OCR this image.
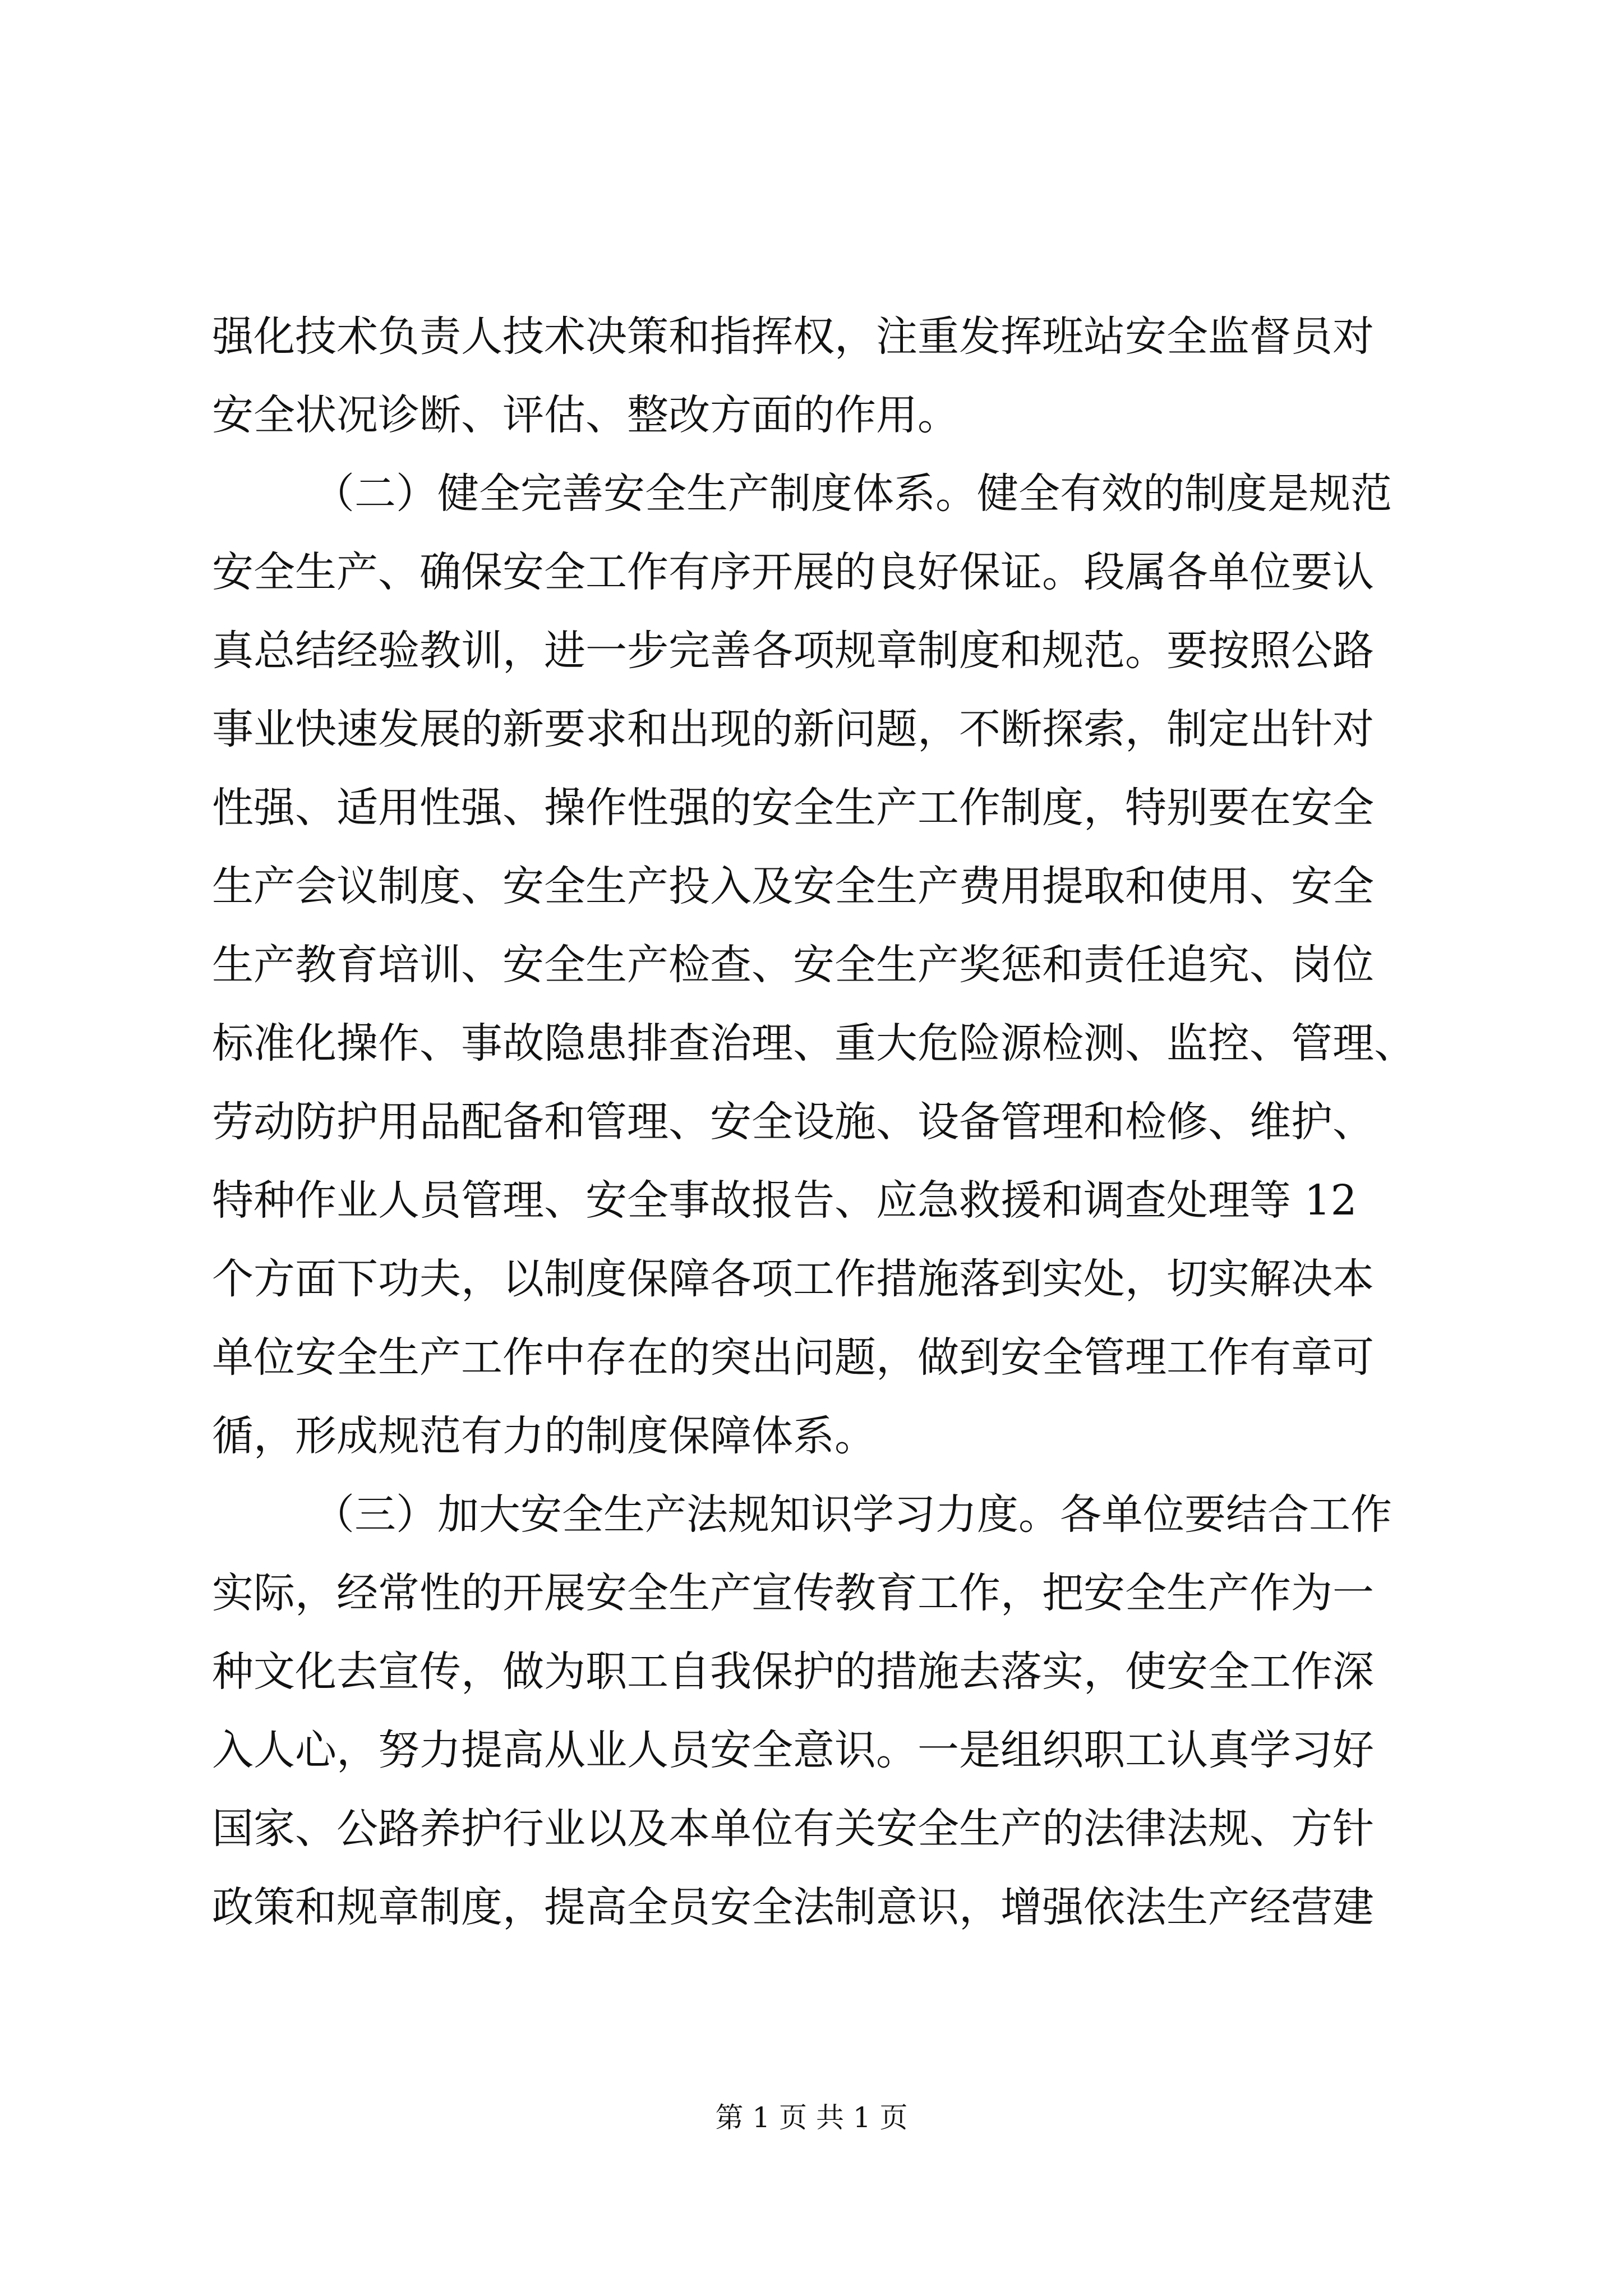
强化技术负责人技术决策和指挥权，注重发挥班站安全监督员对
安全状况诊断、评估、整改方面的作用。
（二）健全完善安全生产制度体系。健全有效的制度是规范
安全生产、确保安全工作有序开展的良好保证。段属各单位要认
真总结经验教训，进一步完善各项规章制度和规范。要按照公路
事业快速发展的新要求和出现的新问题，不断探索，制定出针对
性强、适用性强、操作性强的安全生产工作制度，特别要在安全
生产会议制度、安全生产投入及安全生产费用提取和使用、安全
生产教育培训、安全生产检查、安全生产奖惩和责任追究、岗位
标准化操作、事故隐患排查治理、重大危险源检测、监控、管理、
劳动防护用品配备和管理、安全设施、设备管理和检修、维护、
特种作业人员管理、安全事故报告、应急救援和调查处理等 12
个方面下功夫，以制度保障各项工作措施落到实处，切实解决本
单位安全生产工作中存在的突出问题，做到安全管理工作有章可
循，形成规范有力的制度保障体系。
（三）加大安全生产法规知识学习力度。各单位要结合工作
实际，经常性的开展安全生产宣传教育工作，把安全生产作为一
种文化去宣传，做为职工自我保护的措施去落实，使安全工作深
入人心，努力提高从业人员安全意识。一是组织职工认真学习好
国家、公路养护行业以及本单位有关安全生产的法律法规、方针
政策和规章制度，提高全员安全法制意识，增强依法生产经营建
第 1 页 共 1 页
